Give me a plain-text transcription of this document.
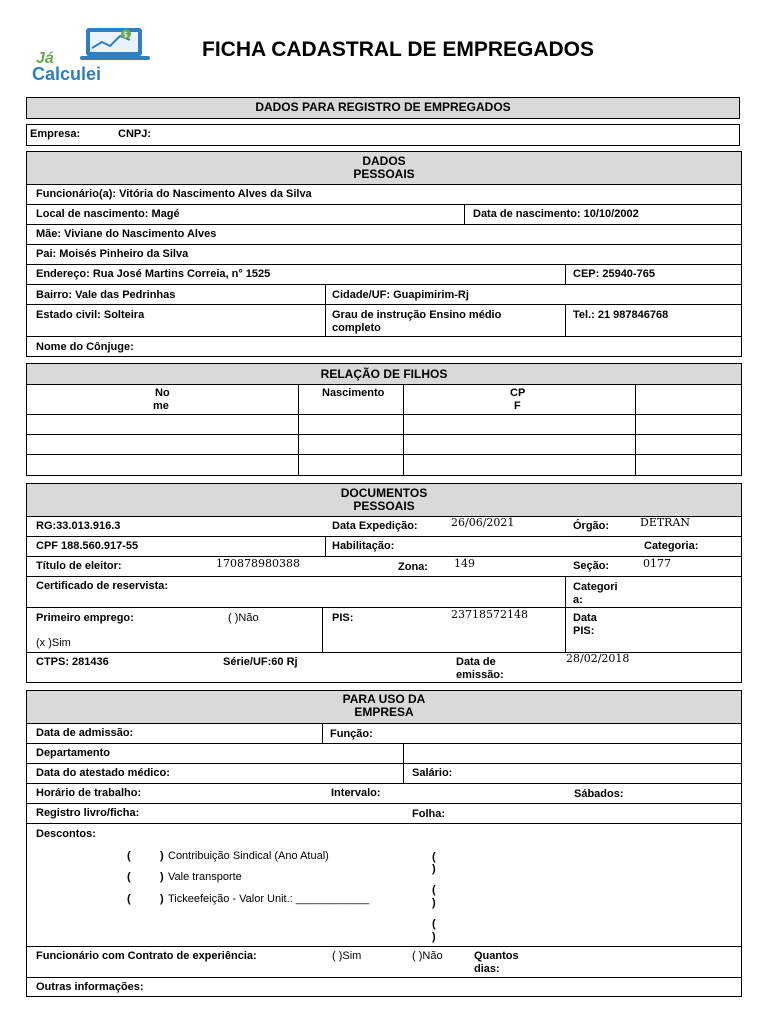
$
Já
Calculei
FICHA CADASTRAL DE EMPREGADOS
DADOS PARA REGISTRO DE EMPREGADOS
Empresa:	CNPJ:
DADOS
PESSOAIS
Funcionário(a): Vitória do Nascimento Alves da Silva
Local de nascimento: Magé	Data de nascimento: 10/10/2002
Mãe: Viviane do Nascimento Alves
Pai: Moisés Pinheiro da Silva
Endereço: Rua José Martins Correia, n° 1525	CEP: 25940-765
Bairro: Vale das Pedrinhas	Cidade/UF: Guapimirim-Rj
Estado civil: Solteira	Grau de instrução Ensino médio
completo
Tel.: 21 987846768
Nome do Cônjuge:
RELAÇÃO DE FILHOS
No
me
Nascimento	CP
F
DOCUMENTOS
PESSOAIS
RG:33.013.916.3	Data Expedição:	26/06/2021	Órgão:	DETRAN
CPF 188.560.917-55	Habilitação:	Categoria:
Título de eleitor:	170878980388	Zona: 149	Seção:	0177
Certificado de reservista:	Categori
a:
Primeiro emprego:	( )Não
(x )Sim
PIS:	23718572148	Data
PIS:
CTPS: 281436	Série/UF:60 Rj	Data de
emissão:
28/02/2018
PARA USO DA
EMPRESA
Data de admissão:	Função:
Departamento
Data do atestado médico:	Salário:
Horário de trabalho:	Intervalo:	Sábados:
Registro livro/ficha:	Folha:
Descontos:
(	) Contribuição Sindical (Ano Atual)
(	) Vale transporte
(	) Tickeefeição - Valor Unit.: ____________
(
)
(
)
(
)
Funcionário com Contrato de experiência:	( )Sim	( )Não	Quantos
dias:
Outras informações:
